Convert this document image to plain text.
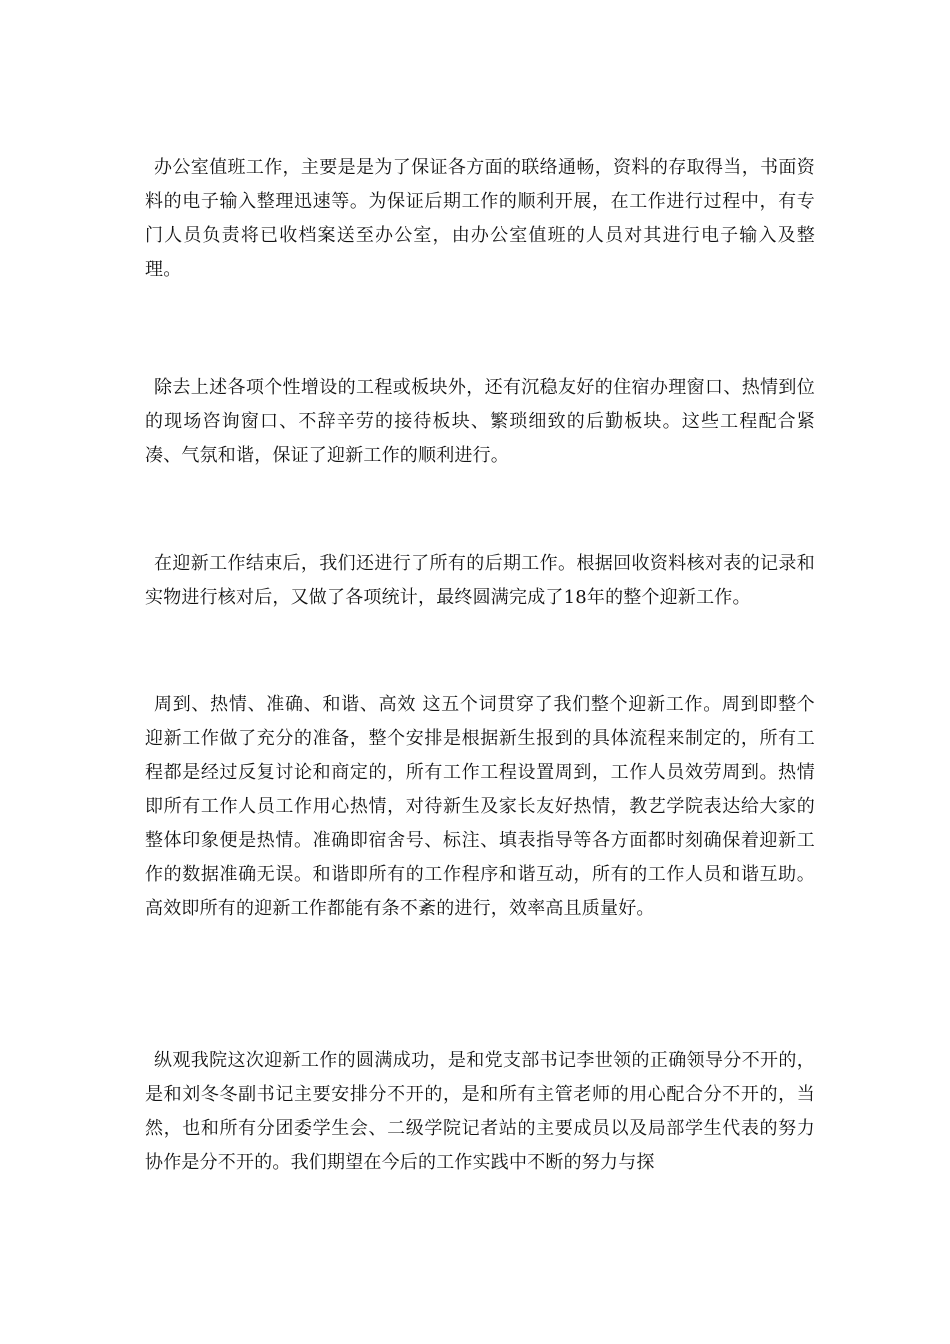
办公室值班工作，主要是是为了保证各方面的联络通畅，资料的存取得当，书面资料的电子输入整理迅速等。为保证后期工作的顺利开展，在工作进行过程中，有专门人员负责将已收档案送至办公室，由办公室值班的人员对其进行电子输入及整理。

除去上述各项个性增设的工程或板块外，还有沉稳友好的住宿办理窗口、热情到位的现场咨询窗口、不辞辛劳的接待板块、繁琐细致的后勤板块。这些工程配合紧凑、气氛和谐，保证了迎新工作的顺利进行。

在迎新工作结束后，我们还进行了所有的后期工作。根据回收资料核对表的记录和实物进行核对后，又做了各项统计，最终圆满完成了18年的整个迎新工作。

周到、热情、准确、和谐、高效 这五个词贯穿了我们整个迎新工作。周到即整个迎新工作做了充分的准备，整个安排是根据新生报到的具体流程来制定的，所有工程都是经过反复讨论和商定的，所有工作工程设置周到，工作人员效劳周到。热情即所有工作人员工作用心热情，对待新生及家长友好热情，教艺学院表达给大家的整体印象便是热情。准确即宿舍号、标注、填表指导等各方面都时刻确保着迎新工作的数据准确无误。和谐即所有的工作程序和谐互动，所有的工作人员和谐互助。高效即所有的迎新工作都能有条不紊的进行，效率高且质量好。

纵观我院这次迎新工作的圆满成功，是和党支部书记李世领的正确领导分不开的，是和刘冬冬副书记主要安排分不开的，是和所有主管老师的用心配合分不开的，当然，也和所有分团委学生会、二级学院记者站的主要成员以及局部学生代表的努力协作是分不开的。我们期望在今后的工作实践中不断的努力与探
